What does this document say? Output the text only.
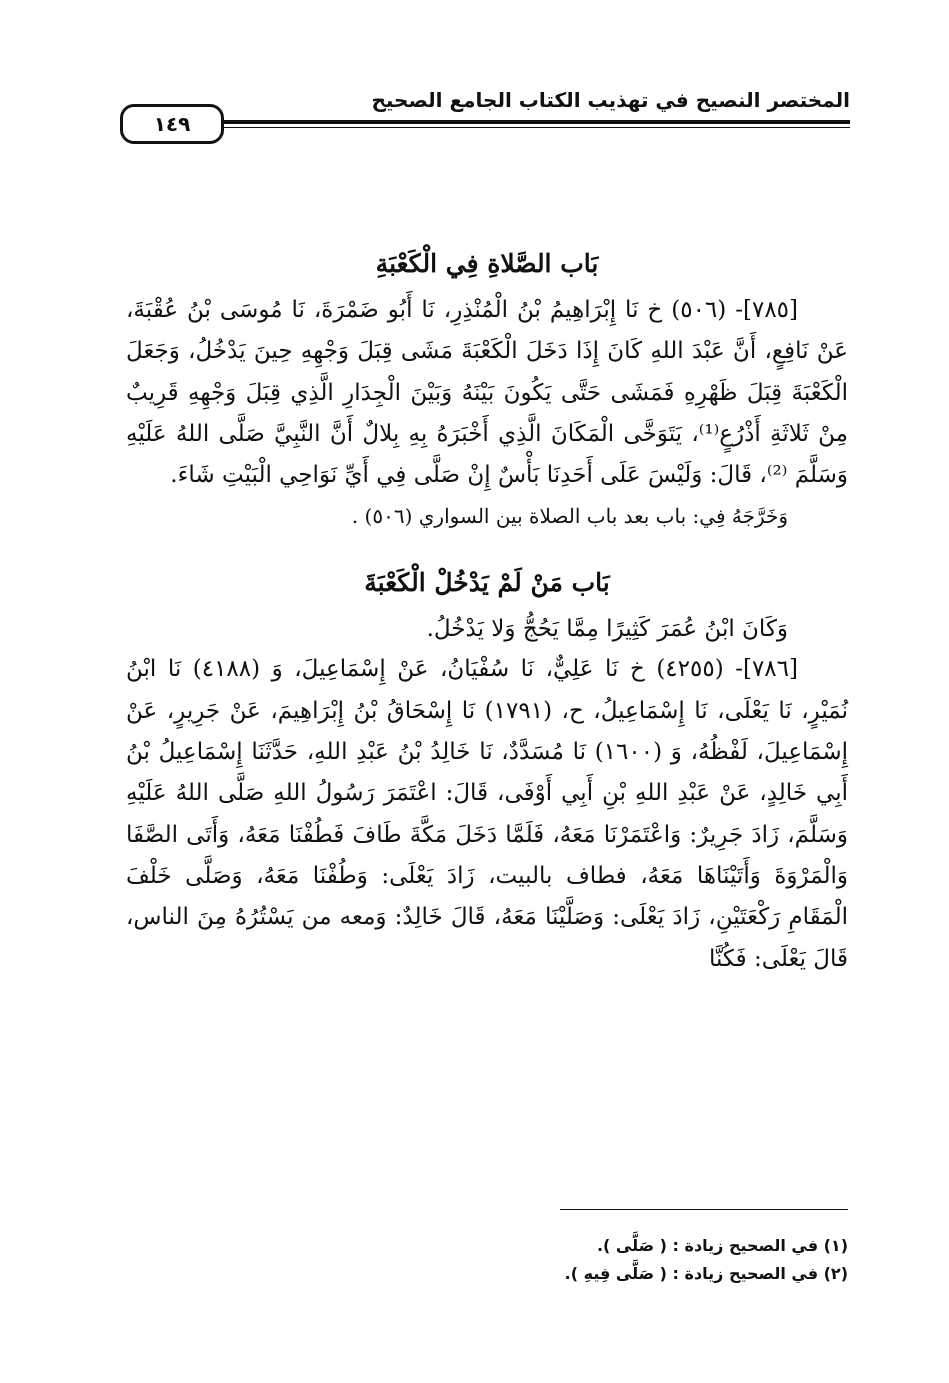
المختصر النصيح في تهذيب الكتاب الجامع الصحيح
١٤٩
بَاب الصَّلاةِ فِي الْكَعْبَةِ

[٧٨٥]- (٥٠٦) خ نَا إِبْرَاهِيمُ بْنُ الْمُنْذِرِ، نَا أَبُو ضَمْرَةَ، نَا مُوسَى بْنُ عُقْبَةَ، عَنْ نَافِعٍ، أَنَّ عَبْدَ اللهِ كَانَ إِذَا دَخَلَ الْكَعْبَةَ مَشَى قِبَلَ وَجْهِهِ حِينَ يَدْخُلُ، وَجَعَلَ الْكَعْبَةَ قِبَلَ ظَهْرِهِ فَمَشَى حَتَّى يَكُونَ بَيْنَهُ وَبَيْنَ الْجِدَارِ الَّذِي قِبَلَ وَجْهِهِ قَرِيبٌ مِنْ ثَلاثَةِ أَذْرُعٍ⁽¹⁾، يَتَوَخَّى الْمَكَانَ الَّذِي أَخْبَرَهُ بِهِ بِلالٌ أَنَّ النَّبِيَّ صَلَّى اللهُ عَلَيْهِ وَسَلَّمَ ⁽²⁾، قَالَ: وَلَيْسَ عَلَى أَحَدِنَا بَأْسٌ إِنْ صَلَّى فِي أَيِّ نَوَاحِي الْبَيْتِ شَاءَ.

وَخَرَّجَهُ فِي: باب بعد باب الصلاة بين السواري (٥٠٦) .

بَاب مَنْ لَمْ يَدْخُلْ الْكَعْبَةَ

وَكَانَ ابْنُ عُمَرَ كَثِيرًا مِمَّا يَحُجُّ وَلا يَدْخُلُ.

[٧٨٦]- (٤٢٥٥) خ نَا عَلِيٌّ، نَا سُفْيَانُ، عَنْ إِسْمَاعِيلَ، وَ (٤١٨٨) نَا ابْنُ نُمَيْرٍ، نَا يَعْلَى، نَا إِسْمَاعِيلُ، ح، (١٧٩١) نَا إِسْحَاقُ بْنُ إِبْرَاهِيمَ، عَنْ جَرِيرٍ، عَنْ إِسْمَاعِيلَ، لَفْظُهُ، وَ (١٦٠٠) نَا مُسَدَّدٌ، نَا خَالِدُ بْنُ عَبْدِ اللهِ، حَدَّثَنَا إِسْمَاعِيلُ بْنُ أَبِي خَالِدٍ، عَنْ عَبْدِ اللهِ بْنِ أَبِي أَوْفَى، قَالَ: اعْتَمَرَ رَسُولُ اللهِ صَلَّى اللهُ عَلَيْهِ وَسَلَّمَ، زَادَ جَرِيرٌ: وَاعْتَمَرْنَا مَعَهُ، فَلَمَّا دَخَلَ مَكَّةَ طَافَ فَطُفْنَا مَعَهُ، وَأَتَى الصَّفَا وَالْمَرْوَةَ وَأَتَيْنَاهَا مَعَهُ، فطاف بالبيت، زَادَ يَعْلَى: وَطُفْنَا مَعَهُ، وَصَلَّى خَلْفَ الْمَقَامِ رَكْعَتَيْنِ، زَادَ يَعْلَى: وَصَلَّيْنَا مَعَهُ، قَالَ خَالِدٌ: وَمعه من يَسْتُرُهُ مِنَ الناس، قَالَ يَعْلَى: فَكُنَّا

(١) في الصحيح زيادة : ( صَلَّى ).
(٢) في الصحيح زيادة : ( صَلَّى فِيهِ ).
